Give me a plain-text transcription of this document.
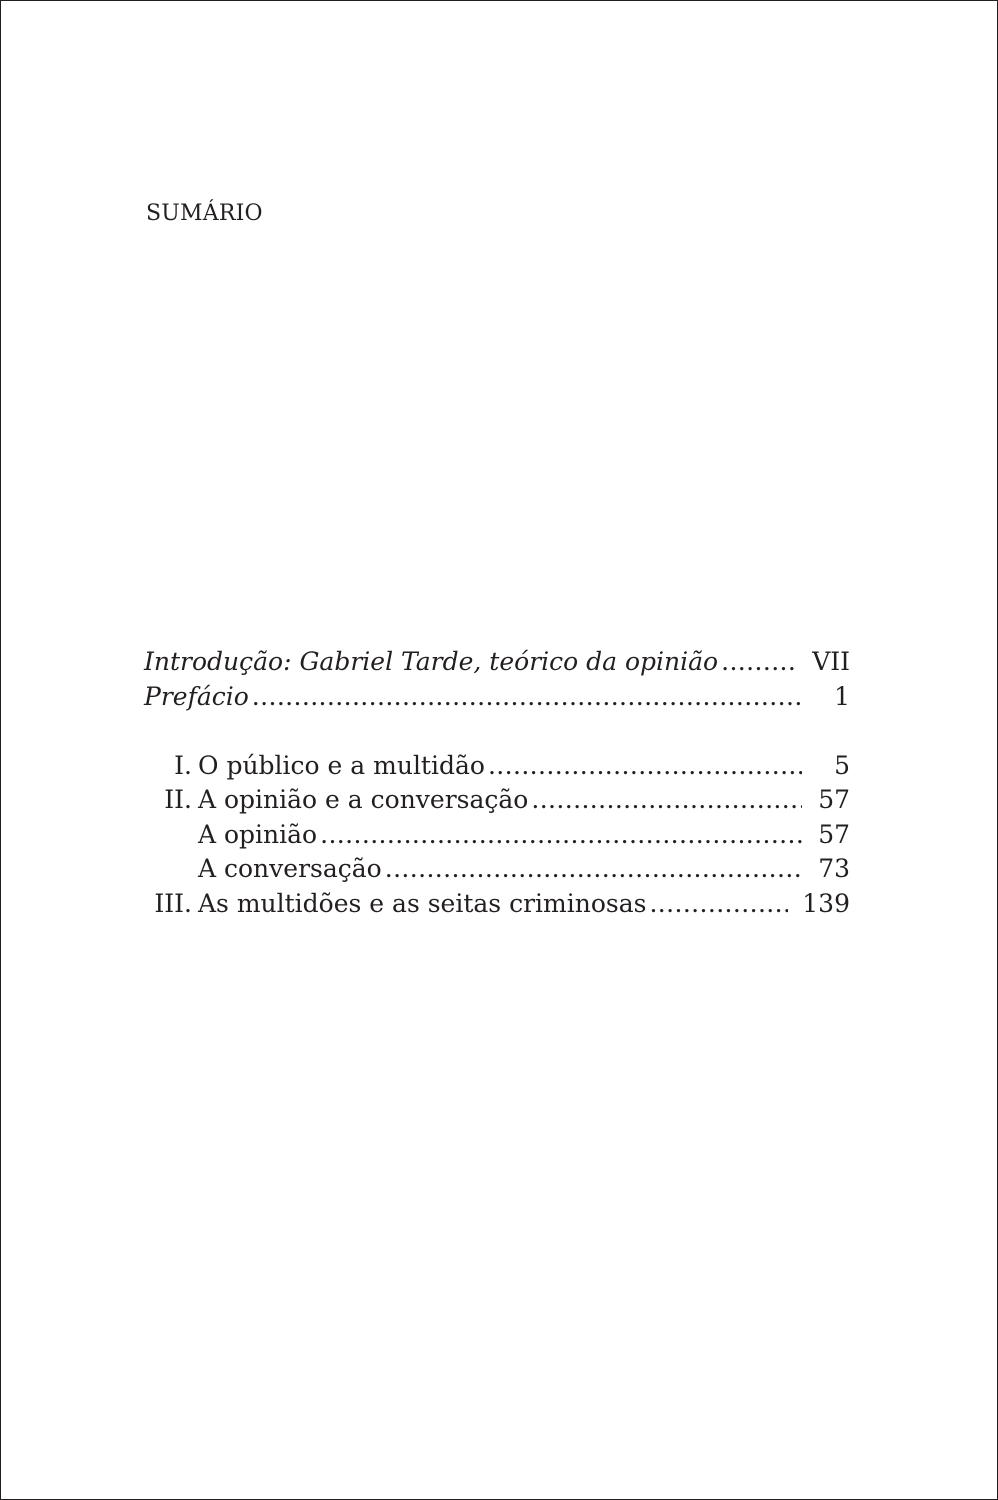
SUMÁRIO
Introdução: Gabriel Tarde, teórico da opinião .....	VII
Prefácio .....	1
I. O público e a multidão .....	5
II. A opinião e a conversação .....	57
A opinião .....	57
A conversação .....	73
III. As multidões e as seitas criminosas .....	139
